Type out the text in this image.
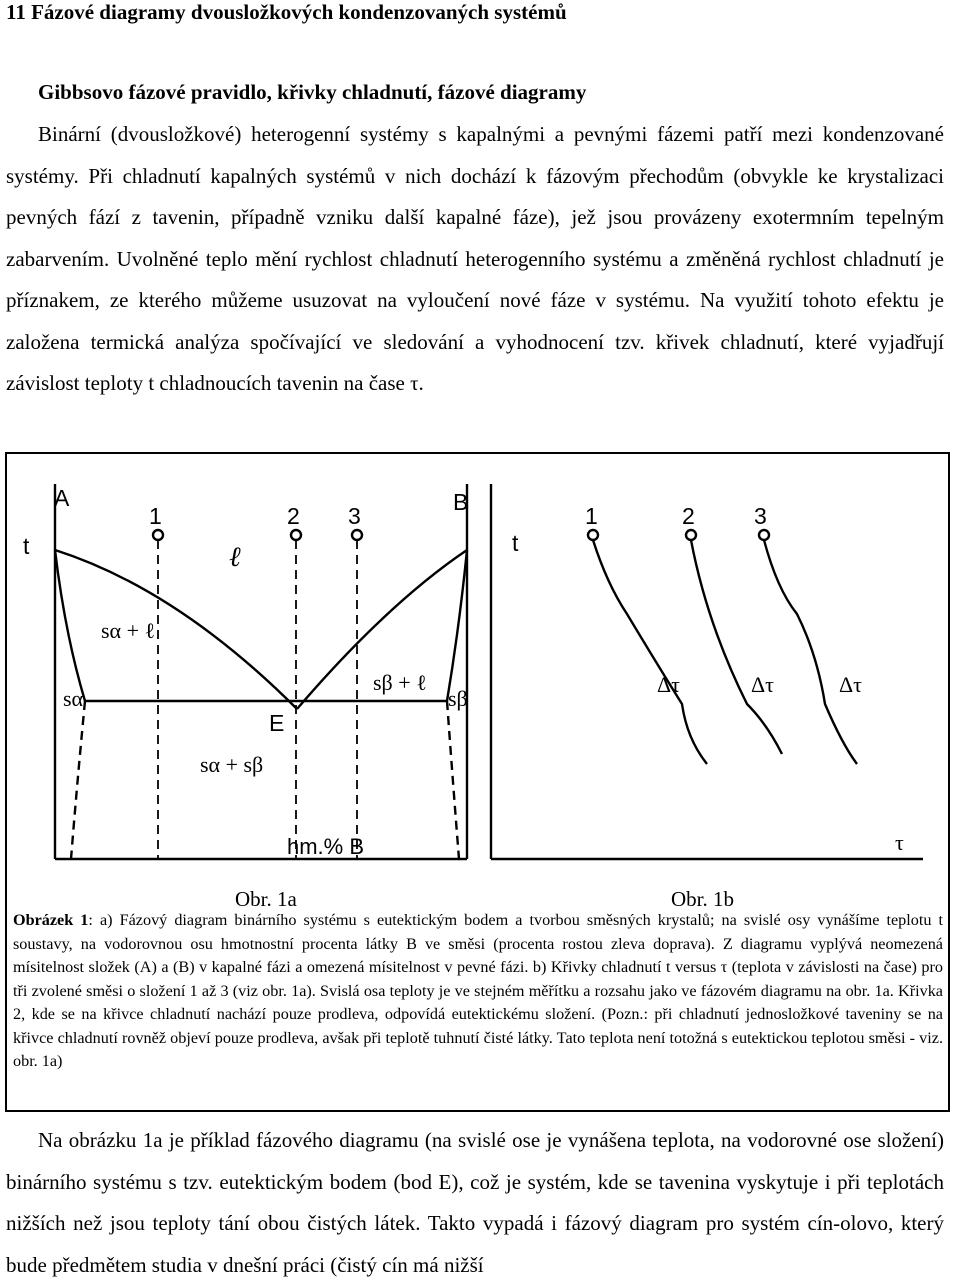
11 Fázové diagramy dvousložkových kondenzovaných systémů
Gibbsovo fázové pravidlo, křivky chladnutí, fázové diagramy

Binární (dvousložkové) heterogenní systémy s kapalnými a pevnými fázemi patří mezi kondenzované systémy. Při chladnutí kapalných systémů v nich dochází k fázovým přechodům (obvykle ke krystalizaci pevných fází z tavenin, případně vzniku další kapalné fáze), jež jsou provázeny exotermním tepelným zabarvením. Uvolněné teplo mění rychlost chladnutí heterogenního systému a změněná rychlost chladnutí je příznakem, ze kterého můžeme usuzovat na vyloučení nové fáze v systému. Na využití tohoto efektu je založena termická analýza spočívající ve sledování a vyhodnocení tzv. křivek chladnutí, které vyjadřují závislost teploty t chladnoucích tavenin na čase τ.

A	B
t
1	2 3
E
hm.% B
t
1	2	3
ℓ
sα + ℓ
sα
sβ + ℓ
sβ
sα + sβ
Δτ	Δτ	Δτ
τ
Obr. 1a	Obr. 1b

Obrázek 1: a) Fázový diagram binárního systému s eutektickým bodem a tvorbou směsných krystalů; na svislé osy vynášíme teplotu t soustavy, na vodorovnou osu hmotnostní procenta látky B ve směsi (procenta rostou zleva doprava). Z diagramu vyplývá neomezená mísitelnost složek (A) a (B) v kapalné fázi a omezená mísitelnost v pevné fázi. b) Křivky chladnutí t versus τ (teplota v závislosti na čase) pro tři zvolené směsi o složení 1 až 3 (viz obr. 1a). Svislá osa teploty je ve stejném měřítku a rozsahu jako ve fázovém diagramu na obr. 1a. Křivka 2, kde se na křivce chladnutí nachází pouze prodleva, odpovídá eutektickému složení. (Pozn.: při chladnutí jednosložkové taveniny se na křivce chladnutí rovněž objeví pouze prodleva, avšak při teplotě tuhnutí čisté látky. Tato teplota není totožná s eutektickou teplotou směsi - viz. obr. 1a)

Na obrázku 1a je příklad fázového diagramu (na svislé ose je vynášena teplota, na vodorovné ose složení) binárního systému s tzv. eutektickým bodem (bod E), což je systém, kde se tavenina vyskytuje i při teplotách nižších než jsou teploty tání obou čistých látek. Takto vypadá i fázový diagram pro systém cín-olovo, který bude předmětem studia v dnešní práci (čistý cín má nižší
